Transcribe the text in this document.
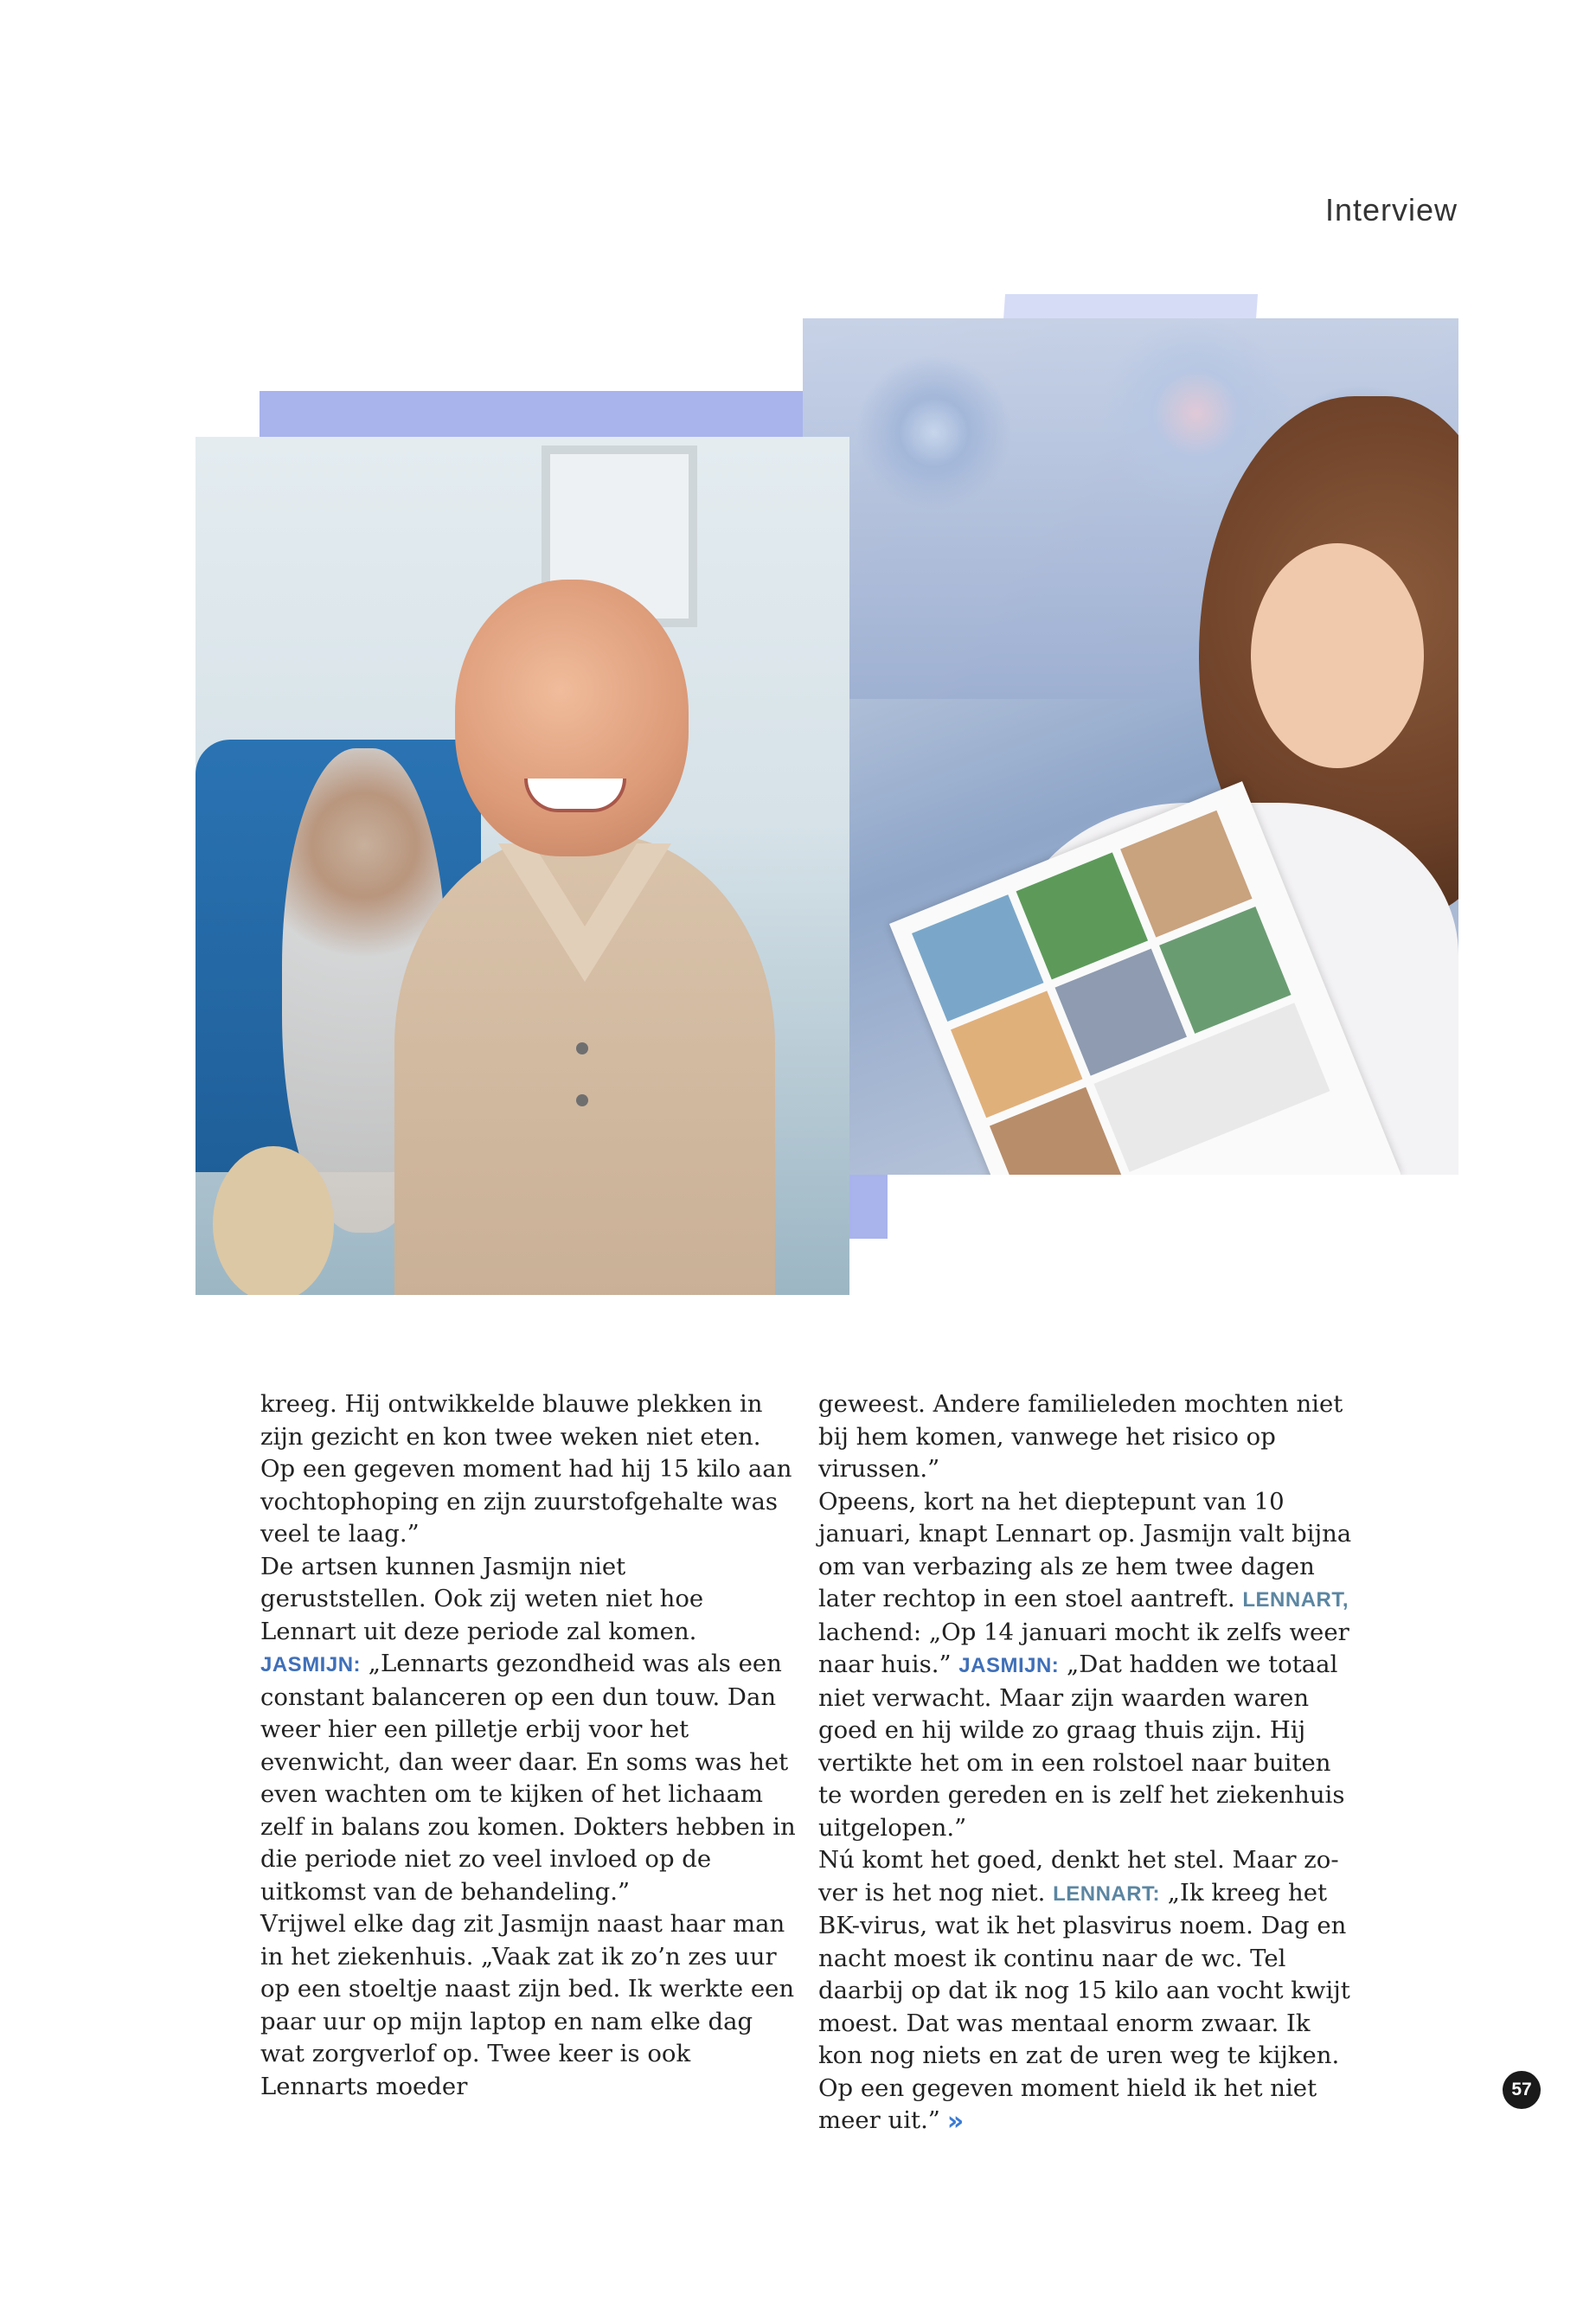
Interview

kreeg. Hij ontwikkelde blauwe plekken in zijn gezicht en kon twee weken niet eten. Op een gegeven moment had hij 15 kilo aan vochtophoping en zijn zuurstofgehalte was veel te laag.”

De artsen kunnen Jasmijn niet geruststellen. Ook zij weten niet hoe Lennart uit deze periode zal komen. JASMIJN: „Lennarts gezondheid was als een constant balanceren op een dun touw. Dan weer hier een pilletje erbij voor het evenwicht, dan weer daar. En soms was het even wachten om te kijken of het lichaam zelf in balans zou komen. Dokters hebben in die periode niet zo veel invloed op de uitkomst van de behandeling.”

Vrijwel elke dag zit Jasmijn naast haar man in het ziekenhuis. „Vaak zat ik zo’n zes uur op een stoeltje naast zijn bed. Ik werkte een paar uur op mijn laptop en nam elke dag wat zorgverlof op. Twee keer is ook Lennarts moeder

geweest. Andere familieleden mochten niet bij hem komen, vanwege het risico op virussen.”

Opeens, kort na het dieptepunt van 10 januari, knapt Lennart op. Jasmijn valt bijna om van verbazing als ze hem twee dagen later rechtop in een stoel aantreft. LENNART, lachend: „Op 14 januari mocht ik zelfs weer naar huis.” JASMIJN: „Dat hadden we totaal niet verwacht. Maar zijn waarden waren goed en hij wilde zo graag thuis zijn. Hij vertikte het om in een rolstoel naar buiten te worden gereden en is zelf het ziekenhuis uitgelopen.”

Nú komt het goed, denkt het stel. Maar zover is het nog niet. LENNART: „Ik kreeg het BK-virus, wat ik het plasvirus noem. Dag en nacht moest ik continu naar de wc. Tel daarbij op dat ik nog 15 kilo aan vocht kwijt moest. Dat was mentaal enorm zwaar. Ik kon nog niets en zat de uren weg te kijken. Op een gegeven moment hield ik het niet meer uit.” »

57
